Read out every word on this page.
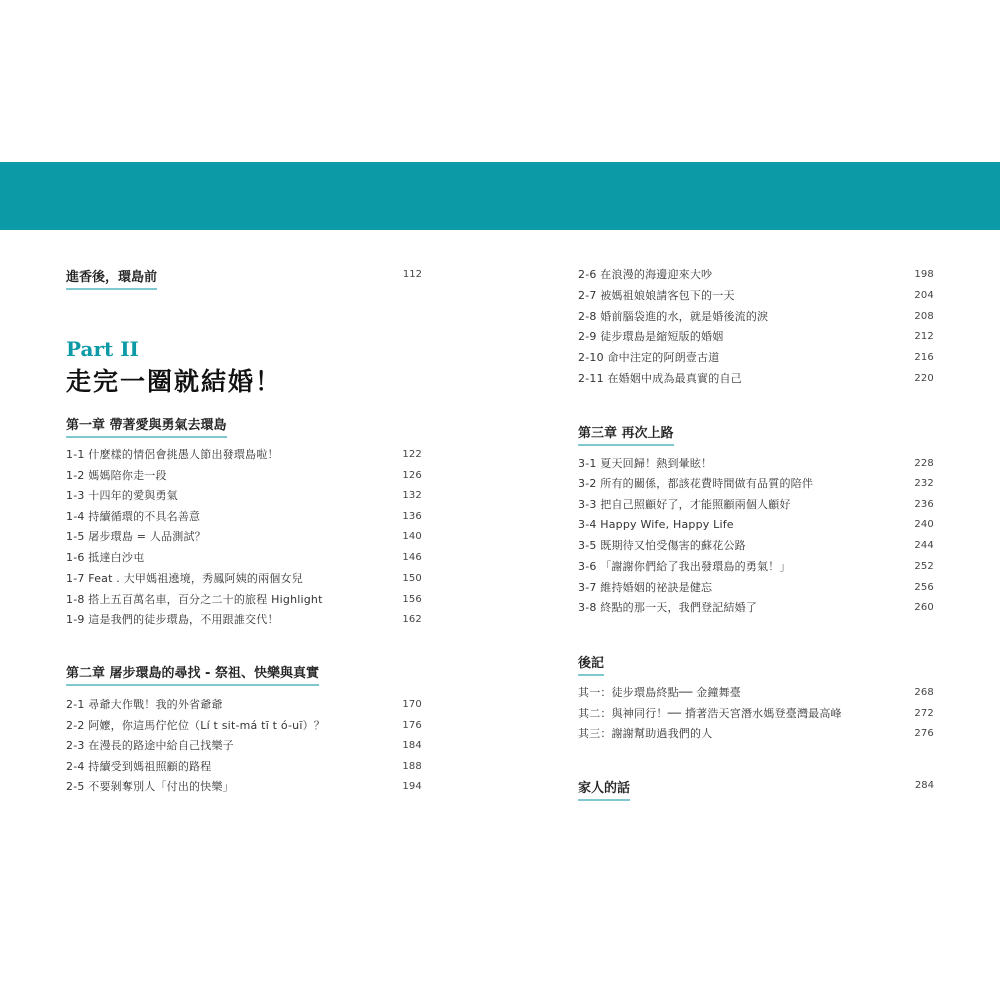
進香後，環島前	112
Part II
走完一圈就結婚！
第一章 帶著愛與勇氣去環島
1-1 什麼樣的情侶會挑愚人節出發環島啦！	122
1-2 媽媽陪你走一段	126
1-3 十四年的愛與勇氣	132
1-4 持續循環的不具名善意	136
1-5 屠步環島 = 人品測試？	140
1-6 抵達白沙屯	146
1-7 Feat . 大甲媽祖遶境，秀鳳阿姨的兩個女兒	150
1-8 搭上五百萬名車，百分之二十的旅程 Highlight	156
1-9 這是我們的徒步環島，不用跟誰交代！	162
第二章 屠步環島的尋找 - 祭祖、快樂與真實
2-1 尋爺大作戰！我的外省爺爺	170
2-2 阿嬤，你這馬佇佗位（Lí t sit-má tī t ó-uī）？	176
2-3 在漫長的路途中給自己找樂子	184
2-4 持續受到媽祖照顧的路程	188
2-5 不要剝奪別人「付出的快樂」	194
2-6 在浪漫的海邊迎來大吵	198
2-7 被媽祖娘娘請客包下的一天	204
2-8 婚前腦袋進的水，就是婚後流的淚	208
2-9 徒步環島是縮短版的婚姻	212
2-10 命中注定的阿朗壹古道	216
2-11 在婚姻中成為最真實的自己	220
第三章 再次上路
3-1 夏天回歸！熱到暈眩！	228
3-2 所有的關係，都該花費時間做有品質的陪伴	232
3-3 把自己照顧好了，才能照顧兩個人顧好	236
3-4 Happy Wife, Happy Life	240
3-5 既期待又怕受傷害的蘇花公路	244
3-6 「謝謝你們給了我出發環島的勇氣！」	252
3-7 維持婚姻的祕訣是健忘	256
3-8 終點的那一天，我們登記結婚了	260
後記
其一：徒步環島終點── 金鐘舞臺	268
其二：與神同行！── 揹著浩天宮潛水媽登臺灣最高峰	272
其三：謝謝幫助過我們的人	276
家人的話	284
